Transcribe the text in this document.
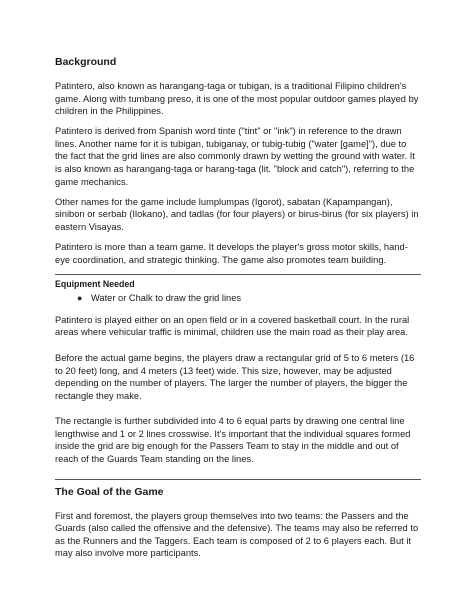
Background

Patintero, also known as harangang-taga or tubigan, is a traditional Filipino children's game. Along with tumbang preso, it is one of the most popular outdoor games played by children in the Philippines.

Patintero is derived from Spanish word tinte ("tint" or "ink") in reference to the drawn lines. Another name for it is tubigan, tubiganay, or tubig-tubig ("water [game]"), due to the fact that the grid lines are also commonly drawn by wetting the ground with water. It is also known as harangang-taga or harang-taga (lit. "block and catch"), referring to the game mechanics.

Other names for the game include lumplumpas (Igorot), sabatan (Kapampangan), sinibon or serbab (Ilokano), and tadlas (for four players) or birus-birus (for six players) in eastern Visayas.

Patintero is more than a team game. It develops the player's gross motor skills, hand-eye coordination, and strategic thinking. The game also promotes team building.

Equipment Needed
● Water or Chalk to draw the grid lines

Patintero is played either on an open field or in a covered basketball court. In the rural areas where vehicular traffic is minimal, children use the main road as their play area.

Before the actual game begins, the players draw a rectangular grid of 5 to 6 meters (16 to 20 feet) long, and 4 meters (13 feet) wide. This size, however, may be adjusted depending on the number of players. The larger the number of players, the bigger the rectangle they make.

The rectangle is further subdivided into 4 to 6 equal parts by drawing one central line lengthwise and 1 or 2 lines crosswise. It's important that the individual squares formed inside the grid are big enough for the Passers Team to stay in the middle and out of reach of the Guards Team standing on the lines.

The Goal of the Game

First and foremost, the players group themselves into two teams: the Passers and the Guards (also called the offensive and the defensive). The teams may also be referred to as the Runners and the Taggers. Each team is composed of 2 to 6 players each. But it may also involve more participants.
